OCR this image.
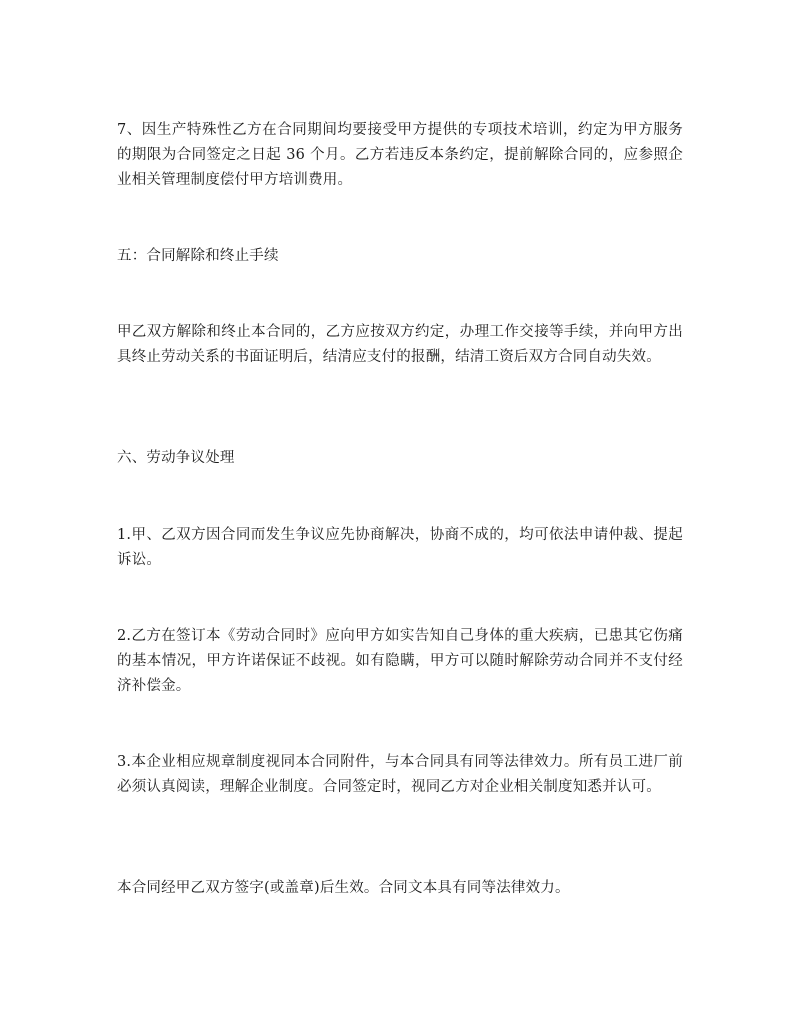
7、因生产特殊性乙方在合同期间均要接受甲方提供的专项技术培训，约定为甲方服务的期限为合同签定之日起 36 个月。乙方若违反本条约定，提前解除合同的，应参照企业相关管理制度偿付甲方培训费用。

五：合同解除和终止手续

甲乙双方解除和终止本合同的，乙方应按双方约定，办理工作交接等手续，并向甲方出具终止劳动关系的书面证明后，结清应支付的报酬，结清工资后双方合同自动失效。

六、劳动争议处理

1.甲、乙双方因合同而发生争议应先协商解决，协商不成的，均可依法申请仲裁、提起诉讼。

2.乙方在签订本《劳动合同时》应向甲方如实告知自己身体的重大疾病，已患其它伤痛的基本情况，甲方许诺保证不歧视。如有隐瞒，甲方可以随时解除劳动合同并不支付经济补偿金。

3.本企业相应规章制度视同本合同附件，与本合同具有同等法律效力。所有员工进厂前必须认真阅读，理解企业制度。合同签定时，视同乙方对企业相关制度知悉并认可。

本合同经甲乙双方签字(或盖章)后生效。合同文本具有同等法律效力。
